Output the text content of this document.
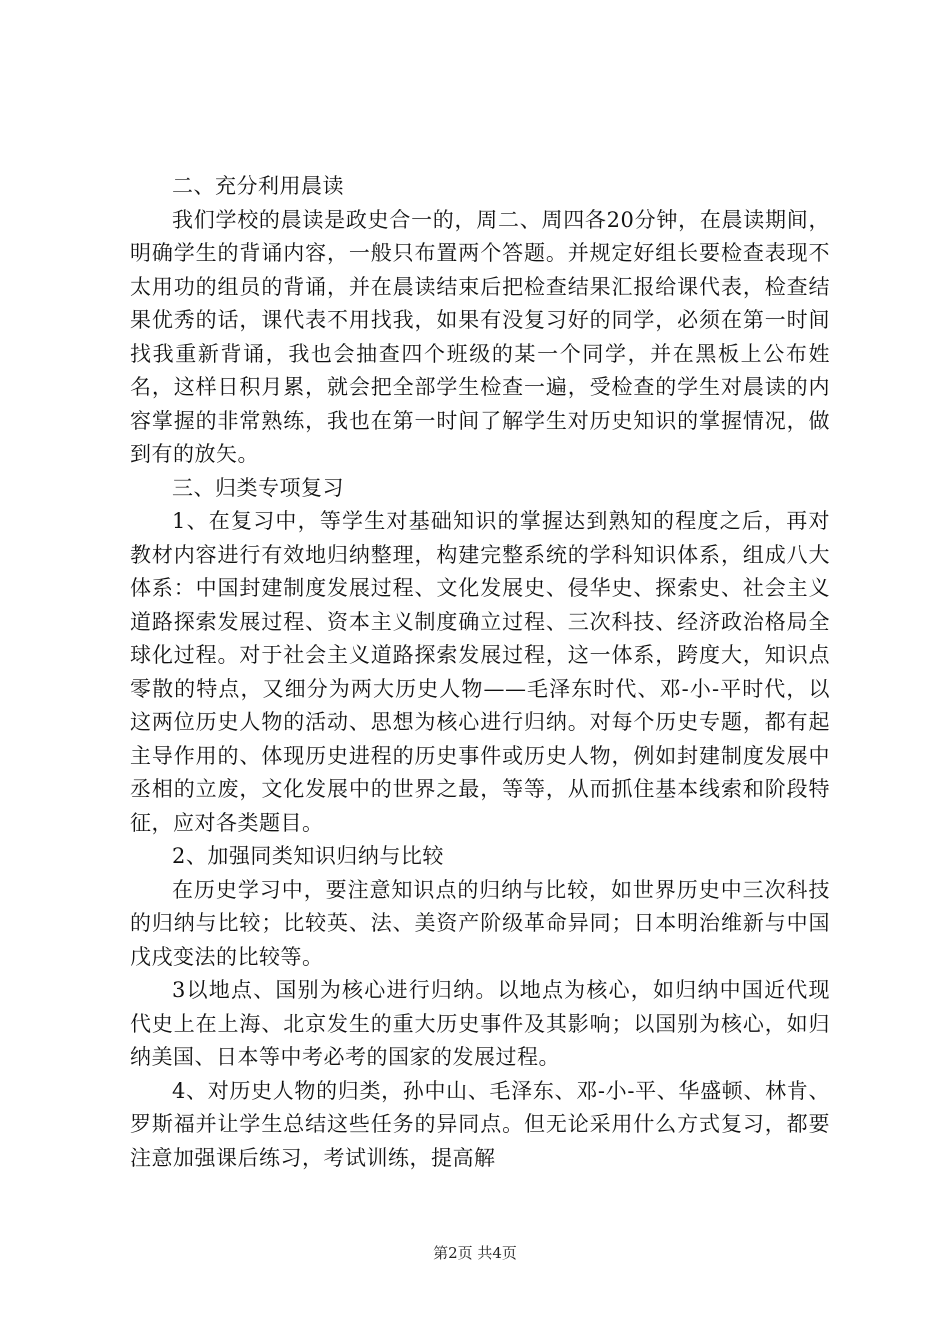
二、充分利用晨读

我们学校的晨读是政史合一的，周二、周四各20分钟，在晨读期间，明确学生的背诵内容，一般只布置两个答题。并规定好组长要检查表现不太用功的组员的背诵，并在晨读结束后把检查结果汇报给课代表，检查结果优秀的话，课代表不用找我，如果有没复习好的同学，必须在第一时间找我重新背诵，我也会抽查四个班级的某一个同学，并在黑板上公布姓名，这样日积月累，就会把全部学生检查一遍，受检查的学生对晨读的内容掌握的非常熟练，我也在第一时间了解学生对历史知识的掌握情况，做到有的放矢。

三、归类专项复习

1、在复习中，等学生对基础知识的掌握达到熟知的程度之后，再对教材内容进行有效地归纳整理，构建完整系统的学科知识体系，组成八大体系：中国封建制度发展过程、文化发展史、侵华史、探索史、社会主义道路探索发展过程、资本主义制度确立过程、三次科技、经济政治格局全球化过程。对于社会主义道路探索发展过程，这一体系，跨度大，知识点零散的特点，又细分为两大历史人物——毛泽东时代、邓-小-平时代，以这两位历史人物的活动、思想为核心进行归纳。对每个历史专题，都有起主导作用的、体现历史进程的历史事件或历史人物，例如封建制度发展中丞相的立废，文化发展中的世界之最，等等，从而抓住基本线索和阶段特征，应对各类题目。

2、加强同类知识归纳与比较

在历史学习中，要注意知识点的归纳与比较，如世界历史中三次科技的归纳与比较；比较英、法、美资产阶级革命异同；日本明治维新与中国戊戌变法的比较等。

3以地点、国别为核心进行归纳。以地点为核心，如归纳中国近代现代史上在上海、北京发生的重大历史事件及其影响；以国别为核心，如归纳美国、日本等中考必考的国家的发展过程。

4、对历史人物的归类，孙中山、毛泽东、邓-小-平、华盛顿、林肯、罗斯福并让学生总结这些任务的异同点。但无论采用什么方式复习，都要注意加强课后练习，考试训练，提高解

第2页 共4页
